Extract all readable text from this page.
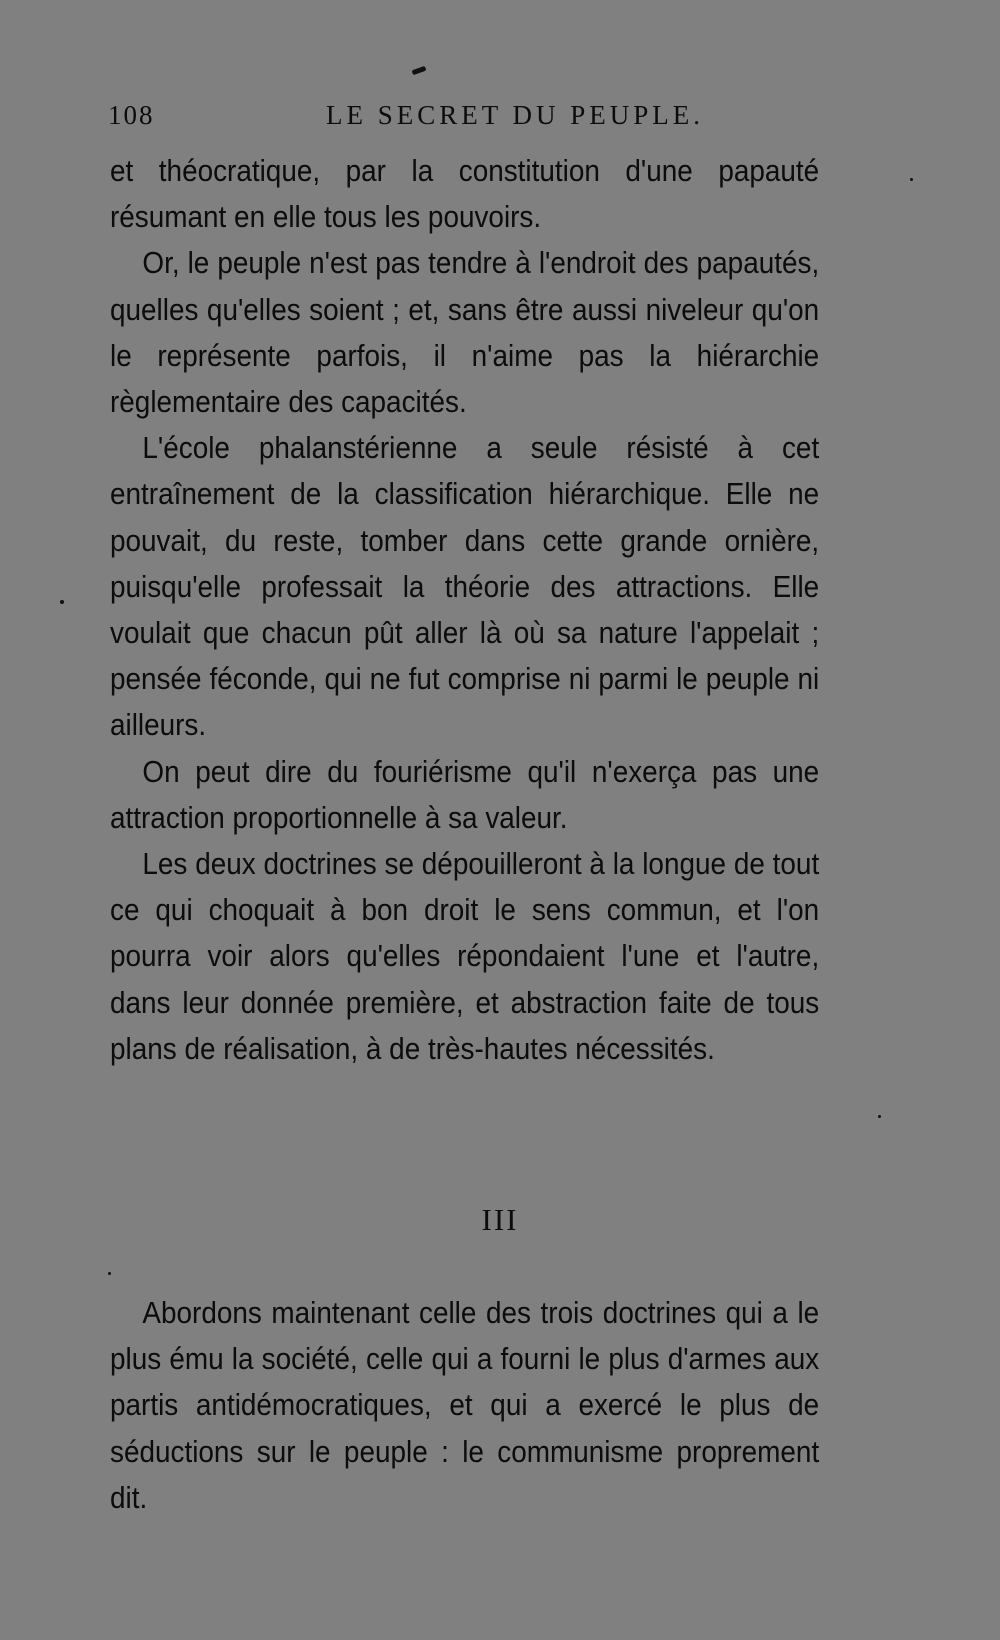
108	LE SECRET DU PEUPLE.

et théocratique, par la constitution d'une papauté résumant en elle tous les pouvoirs.

Or, le peuple n'est pas tendre à l'endroit des papautés, quelles qu'elles soient ; et, sans être aussi niveleur qu'on le représente parfois, il n'aime pas la hiérarchie règlementaire des capacités.

L'école phalanstérienne a seule résisté à cet entraînement de la classification hiérarchique. Elle ne pouvait, du reste, tomber dans cette grande ornière, puisqu'elle professait la théorie des attractions. Elle voulait que chacun pût aller là où sa nature l'appelait ; pensée féconde, qui ne fut comprise ni parmi le peuple ni ailleurs.

On peut dire du fouriérisme qu'il n'exerça pas une attraction proportionnelle à sa valeur.

Les deux doctrines se dépouilleront à la longue de tout ce qui choquait à bon droit le sens commun, et l'on pourra voir alors qu'elles répondaient l'une et l'autre, dans leur donnée première, et abstraction faite de tous plans de réalisation, à de très-hautes nécessités.

III

Abordons maintenant celle des trois doctrines qui a le plus ému la société, celle qui a fourni le plus d'armes aux partis antidémocratiques, et qui a exercé le plus de séductions sur le peuple : le communisme proprement dit.
